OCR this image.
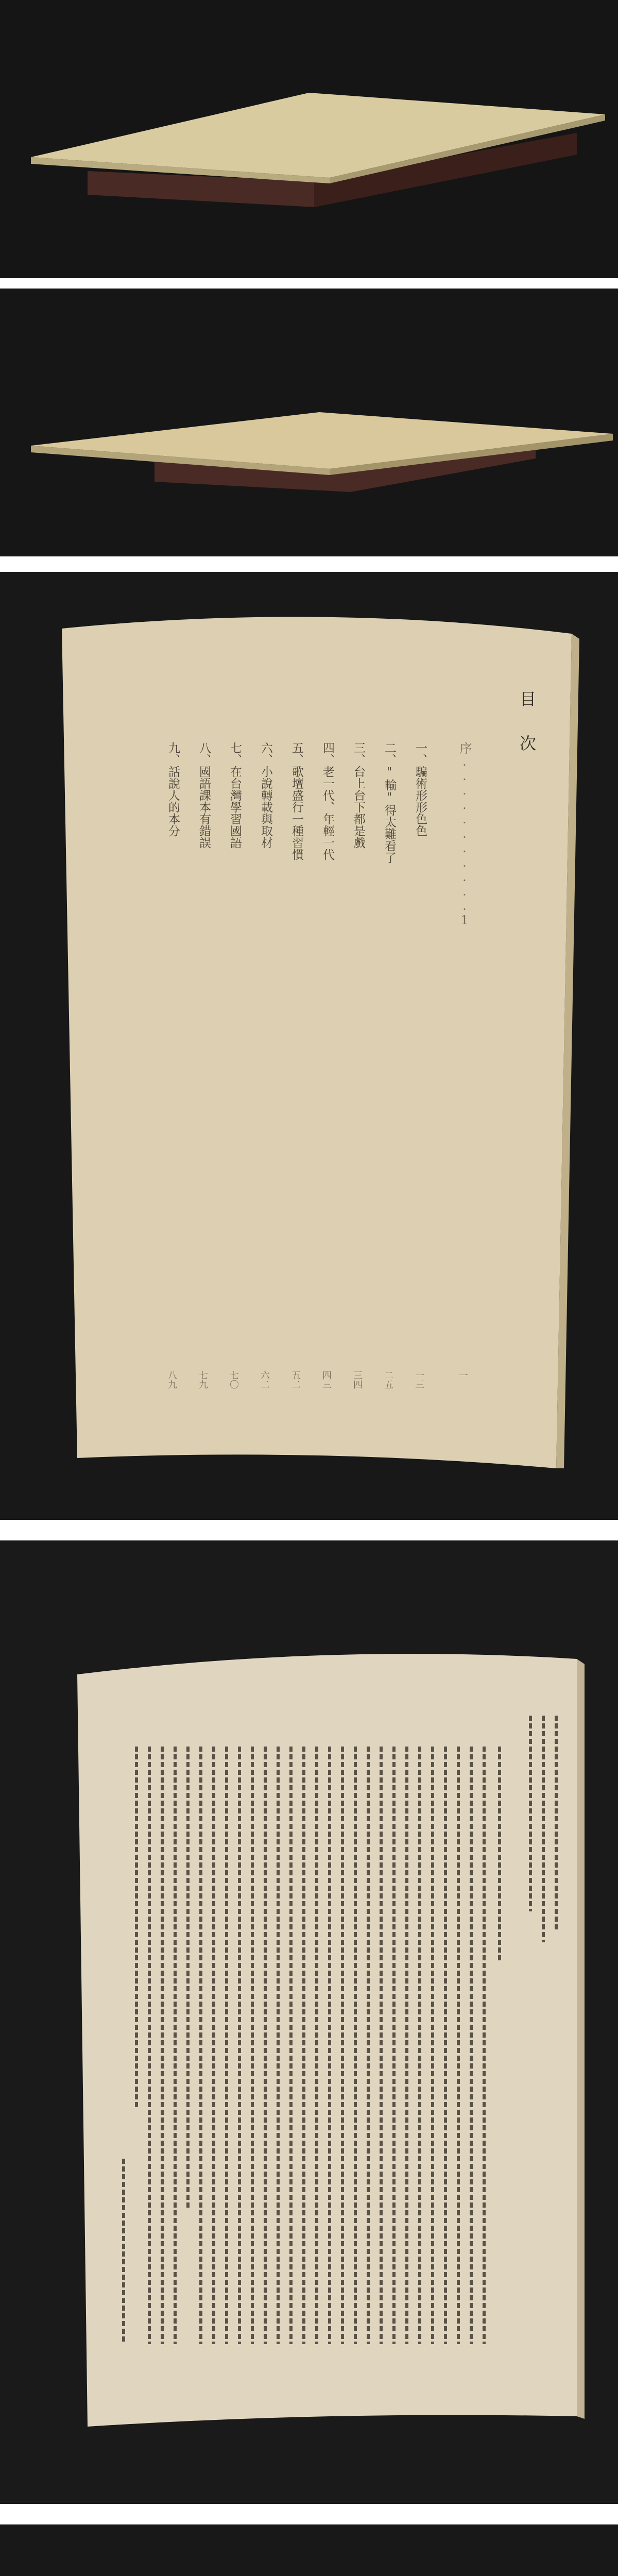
目 次
序...........1
一、騙術形形色色
二、"輸"得太難看了
三、台上台下都是戲
四、老一代、年輕一代
五、歌壇盛行一種習慣
六、小說轉載與取材
七、在台灣學習國語
八、國語課本有錯誤
九、話說人的本分
一
一三
二五
三四
四三
五二
六二
七〇
七九
八九
